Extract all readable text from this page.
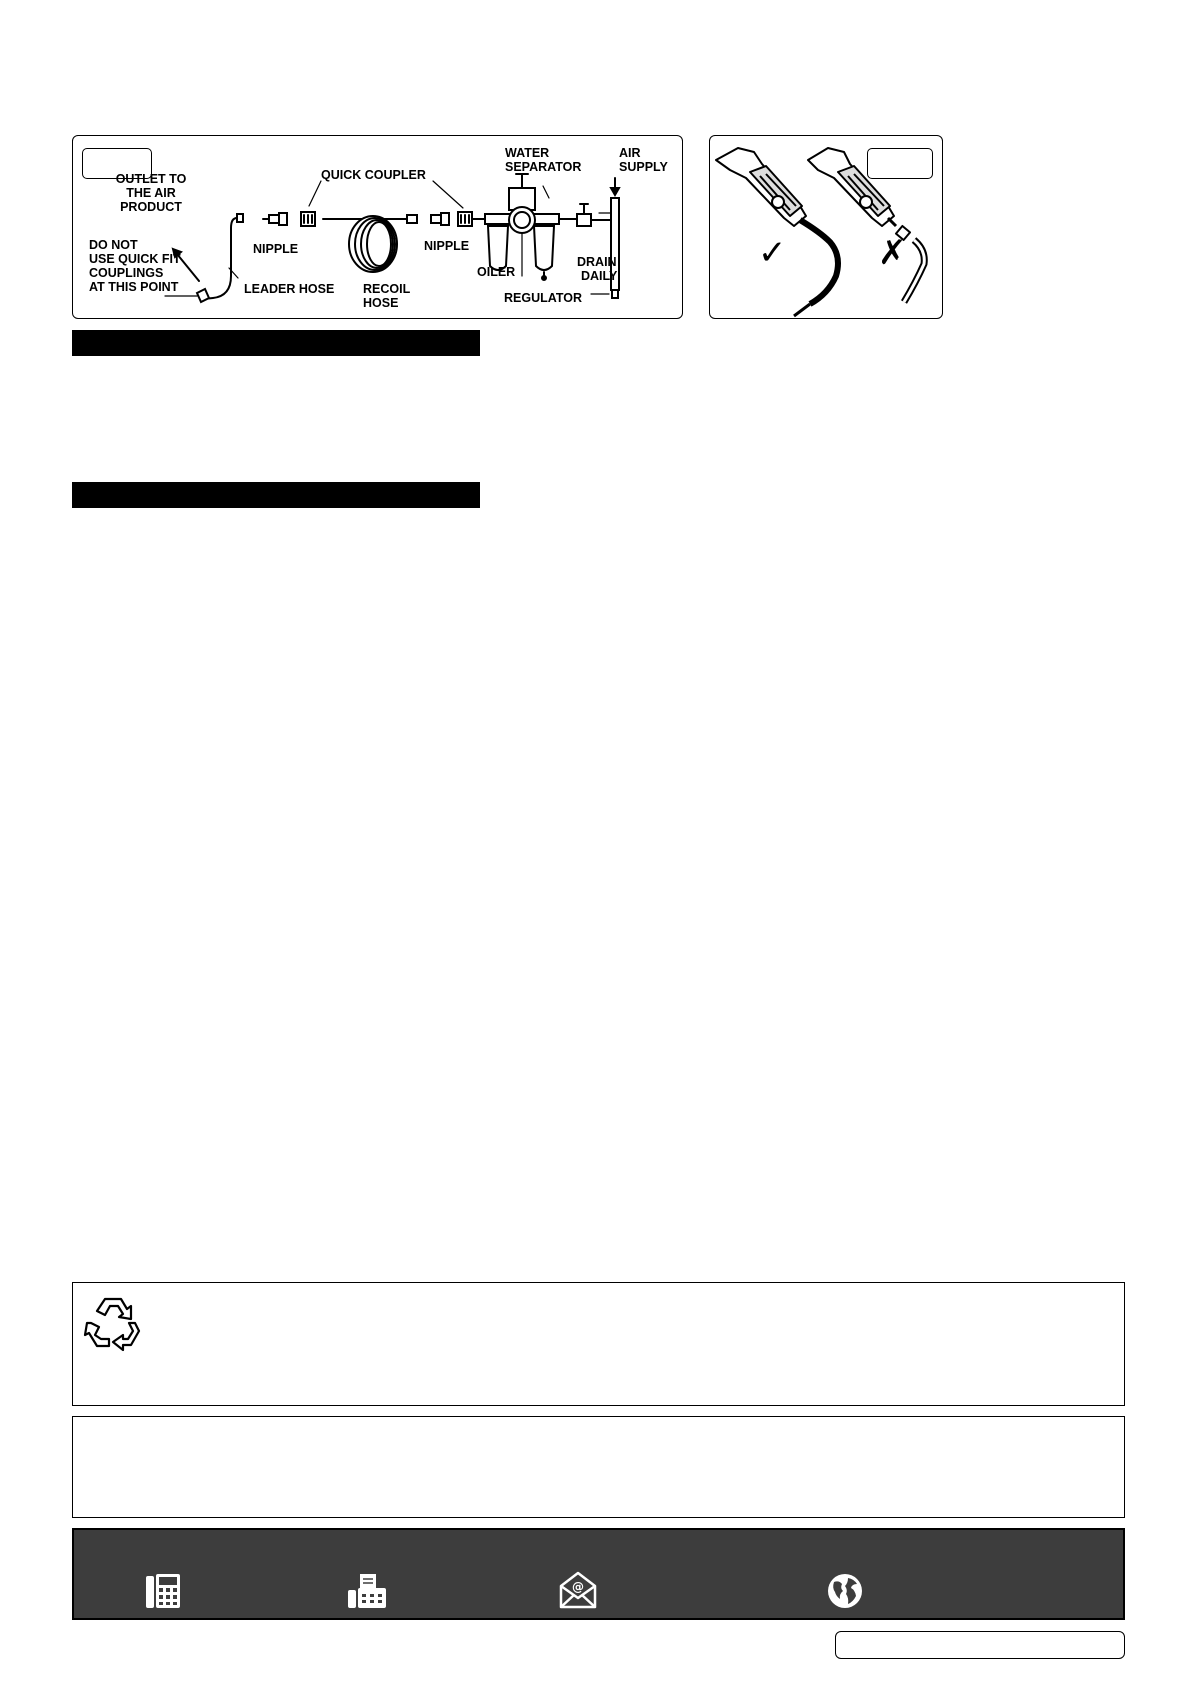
OUTLET TO
THE AIR
PRODUCT
DO NOT
USE QUICK FIT
COUPLINGS
AT THIS POINT
QUICK COUPLER
NIPPLE	NIPPLE
LEADER HOSE RECOIL
HOSE
WATER
SEPARATOR
AIR
SUPPLY
OILER
REGULATOR
DRAIN
DAILY
✓	✗
@
